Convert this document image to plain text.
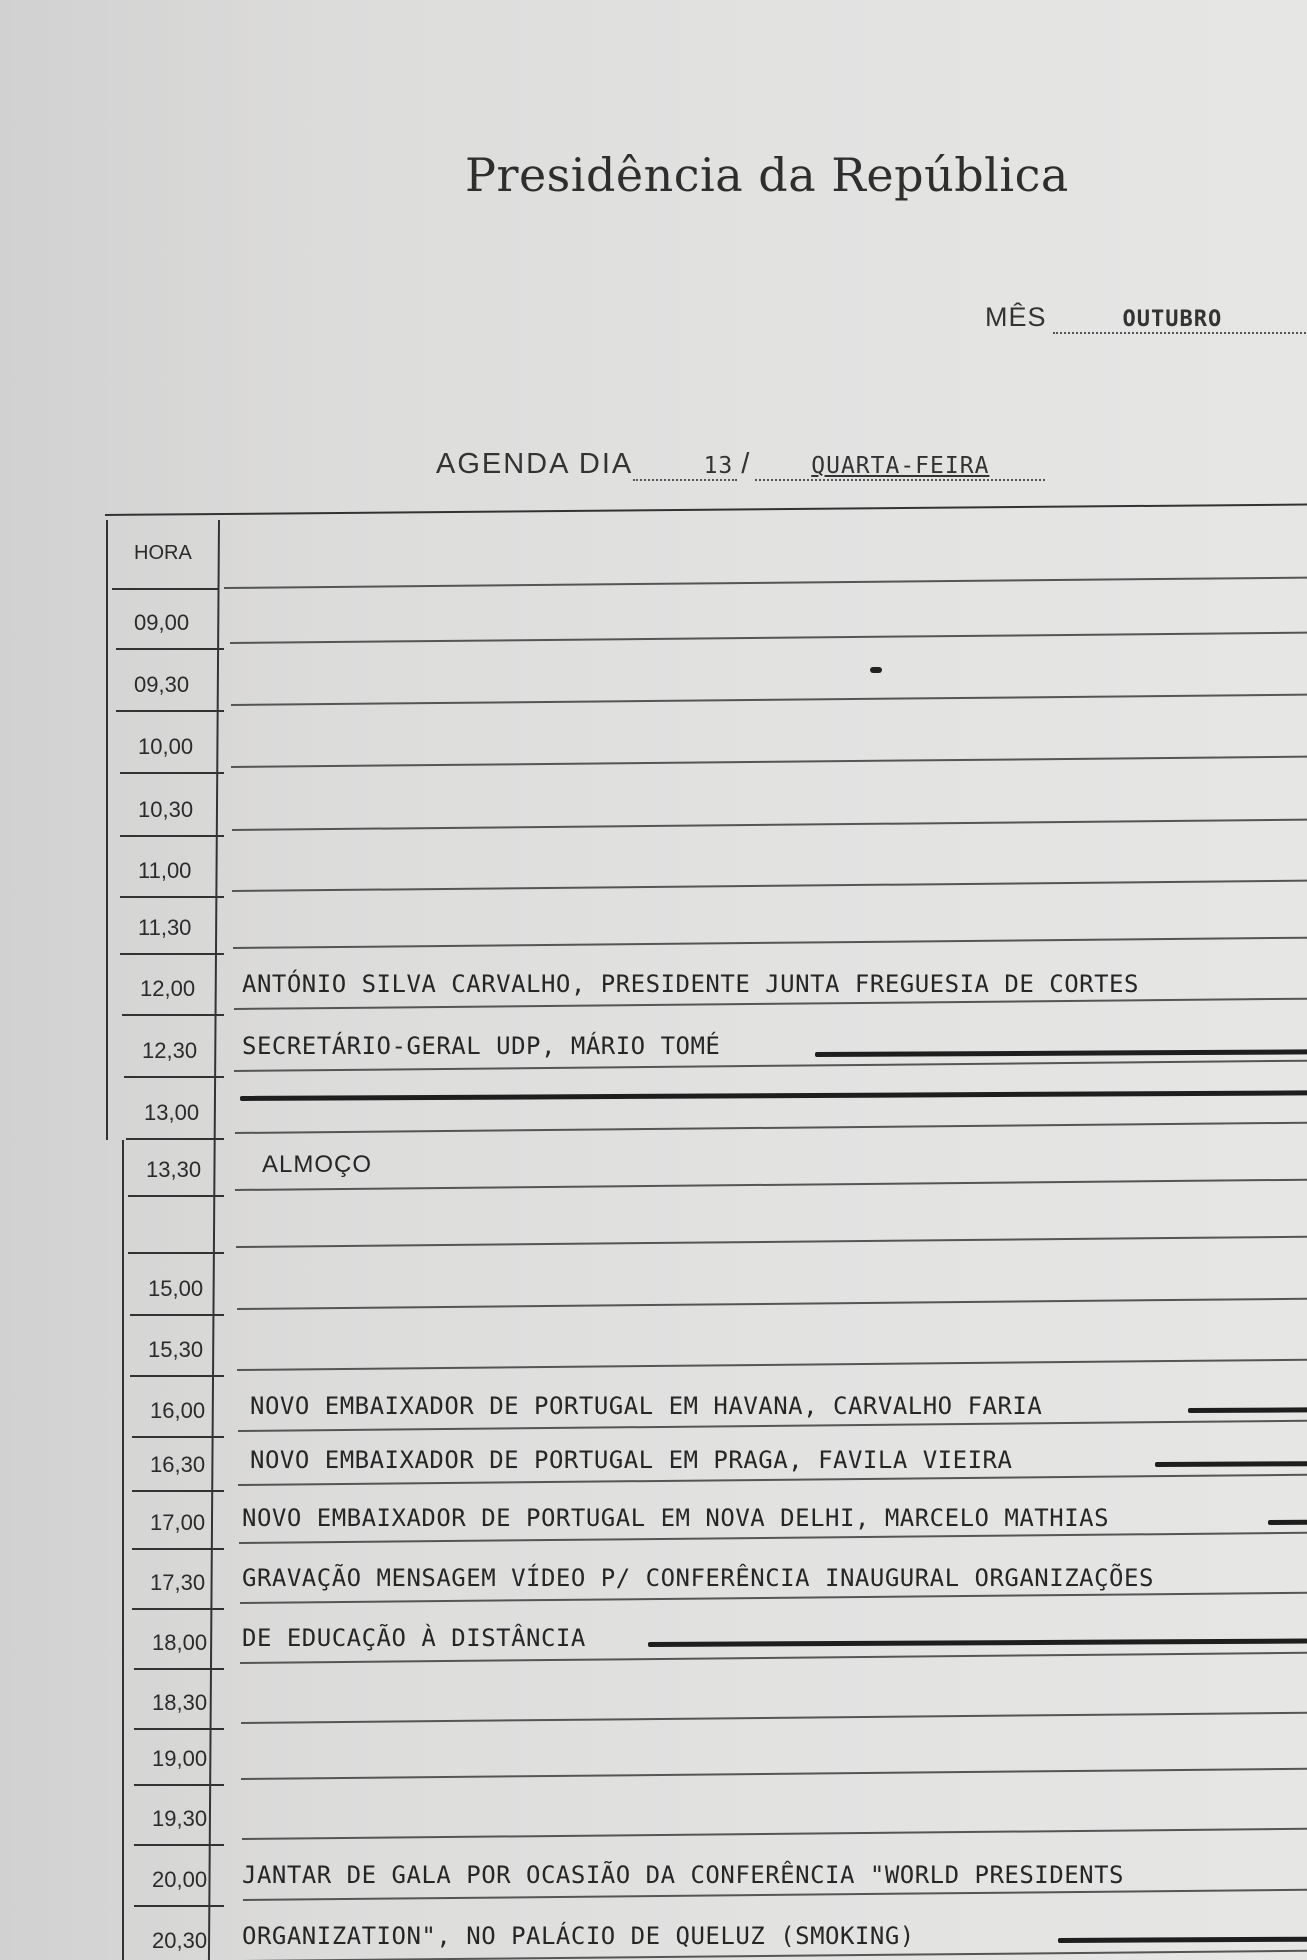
Presidência da República
MÊS	OUTUBRO
AGENDA DIA	13 /	QUARTA-FEIRA
HORA
09,00
09,30
10,00
10,30
11,00
11,30
12,00 ANTÓNIO SILVA CARVALHO, PRESIDENTE JUNTA FREGUESIA DE CORTES
12,30 SECRETÁRIO-GERAL UDP, MÁRIO TOMÉ
13,00
13,30	ALMOÇO
15,00
15,30
16,00 NOVO EMBAIXADOR DE PORTUGAL EM HAVANA, CARVALHO FARIA
16,30 NOVO EMBAIXADOR DE PORTUGAL EM PRAGA, FAVILA VIEIRA
17,00 NOVO EMBAIXADOR DE PORTUGAL EM NOVA DELHI, MARCELO MATHIAS
17,30 GRAVAÇÃO MENSAGEM VÍDEO P/ CONFERÊNCIA INAUGURAL ORGANIZAÇÕES
18,00 DE EDUCAÇÃO À DISTÂNCIA
18,30
19,00
19,30
20,00 JANTAR DE GALA POR OCASIÃO DA CONFERÊNCIA "WORLD PRESIDENTS
20,30 ORGANIZATION", NO PALÁCIO DE QUELUZ (SMOKING)
